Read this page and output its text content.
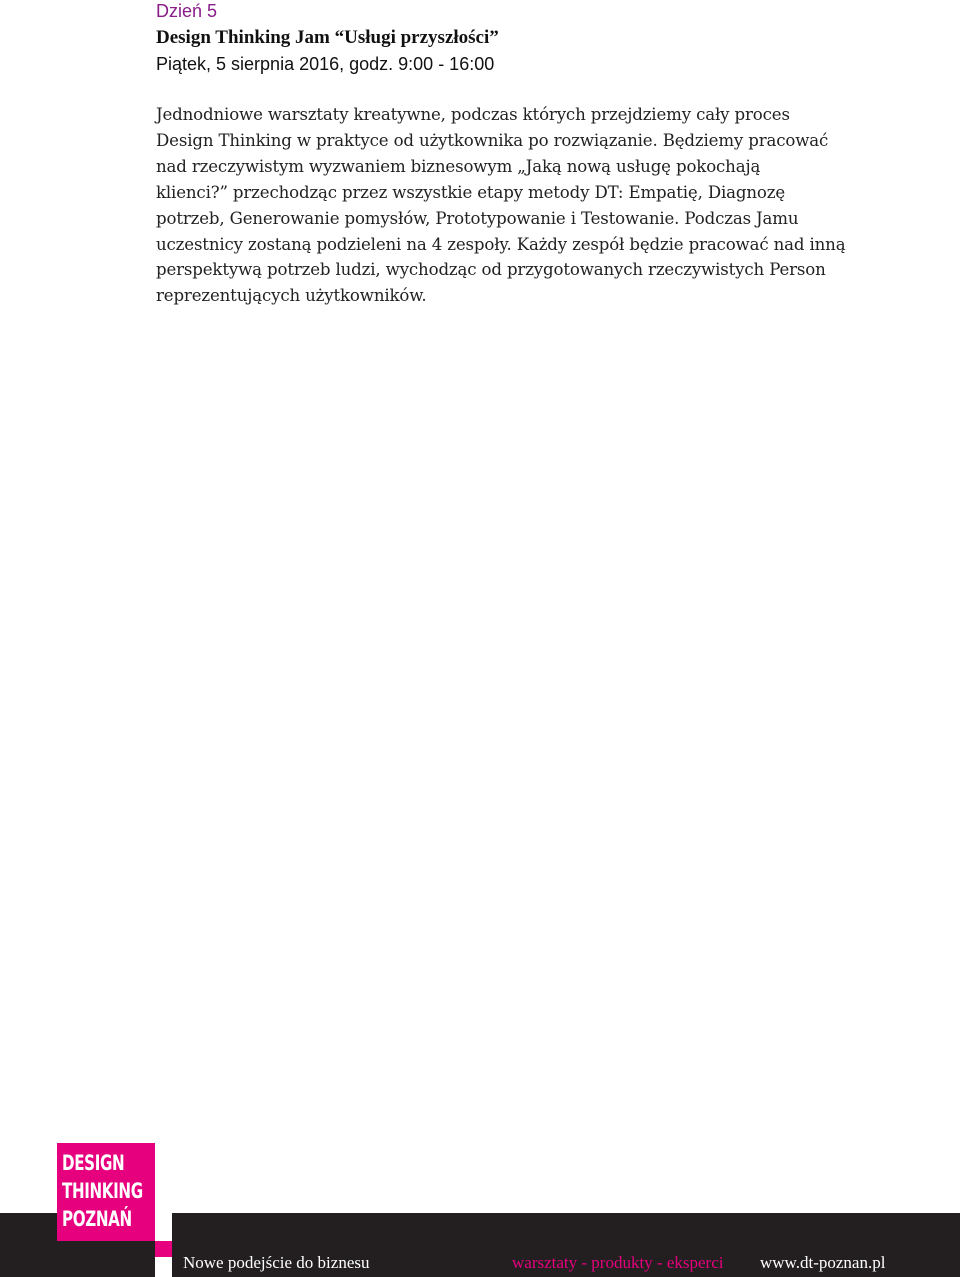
Dzień 5
Design Thinking Jam “Usługi przyszłości”
Piątek, 5 sierpnia 2016, godz. 9:00 - 16:00
Jednodniowe warsztaty kreatywne, podczas których przejdziemy cały proces
Design Thinking w praktyce od użytkownika po rozwiązanie. Będziemy pracować
nad rzeczywistym wyzwaniem biznesowym „Jaką nową usługę pokochają
klienci?” przechodząc przez wszystkie etapy metody DT: Empatię, Diagnozę
potrzeb, Generowanie pomysłów, Prototypowanie i Testowanie. Podczas Jamu
uczestnicy zostaną podzieleni na 4 zespoły. Każdy zespół będzie pracować nad inną
perspektywą potrzeb ludzi, wychodząc od przygotowanych rzeczywistych Person
reprezentujących użytkowników.
DESIGN
THINKING
POZNAŃ
Nowe podejście do biznesu	warsztaty - produkty - eksperci www.dt-poznan.pl
